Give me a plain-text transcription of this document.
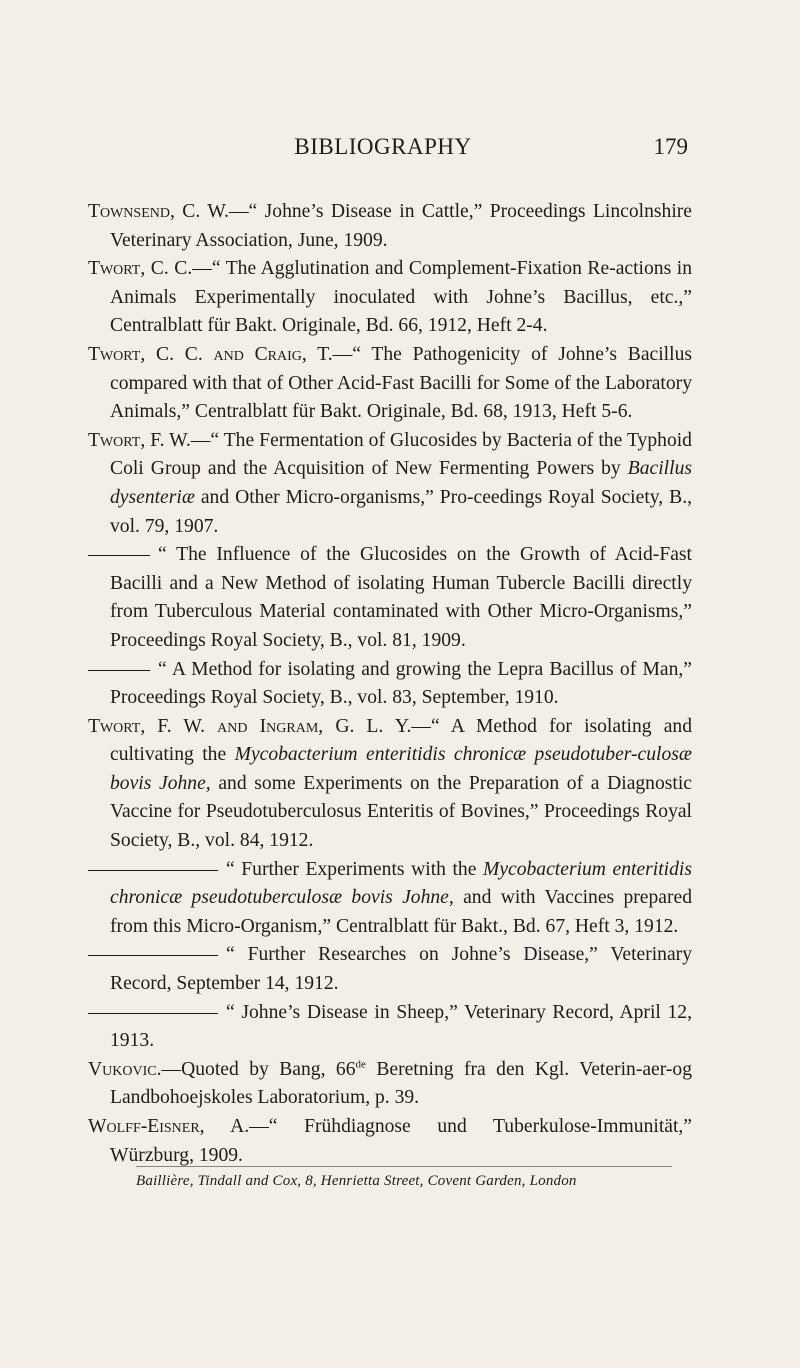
BIBLIOGRAPHY	179

Townsend, C. W.—“ Johne’s Disease in Cattle,” Proceedings Lincolnshire Veterinary Association, June, 1909.

Twort, C. C.—“ The Agglutination and Complement-Fixation Re-actions in Animals Experimentally inoculated with Johne’s Bacillus, etc.,” Centralblatt für Bakt. Originale, Bd. 66, 1912, Heft 2-4.

Twort, C. C. and Craig, T.—“ The Pathogenicity of Johne’s Bacillus compared with that of Other Acid-Fast Bacilli for Some of the Laboratory Animals,” Centralblatt für Bakt. Originale, Bd. 68, 1913, Heft 5-6.

Twort, F. W.—“ The Fermentation of Glucosides by Bacteria of the Typhoid Coli Group and the Acquisition of New Fermenting Powers by Bacillus dysenteriæ and Other Micro-organisms,” Pro-ceedings Royal Society, B., vol. 79, 1907.

“ The Influence of the Glucosides on the Growth of Acid-Fast Bacilli and a New Method of isolating Human Tubercle Bacilli directly from Tuberculous Material contaminated with Other Micro-Organisms,” Proceedings Royal Society, B., vol. 81, 1909.

“ A Method for isolating and growing the Lepra Bacillus of Man,” Proceedings Royal Society, B., vol. 83, September, 1910.

Twort, F. W. and Ingram, G. L. Y.—“ A Method for isolating and cultivating the Mycobacterium enteritidis chronicæ pseudotuber-culosæ bovis Johne, and some Experiments on the Preparation of a Diagnostic Vaccine for Pseudotuberculosus Enteritis of Bovines,” Proceedings Royal Society, B., vol. 84, 1912.

“ Further Experiments with the Mycobacterium enteritidis chronicæ pseudotuberculosæ bovis Johne, and with Vaccines prepared from this Micro-Organism,” Centralblatt für Bakt., Bd. 67, Heft 3, 1912.

“ Further Researches on Johne’s Disease,” Veterinary Record, September 14, 1912.

“ Johne’s Disease in Sheep,” Veterinary Record, April 12, 1913.

Vukovic.—Quoted by Bang, 66de Beretning fra den Kgl. Veterin-aer-og Landbohoejskoles Laboratorium, p. 39.

Wolff-Eisner, A.—“ Frühdiagnose und Tuberkulose-Immunität,” Würzburg, 1909.

Baillière, Tindall and Cox, 8, Henrietta Street, Covent Garden, London
